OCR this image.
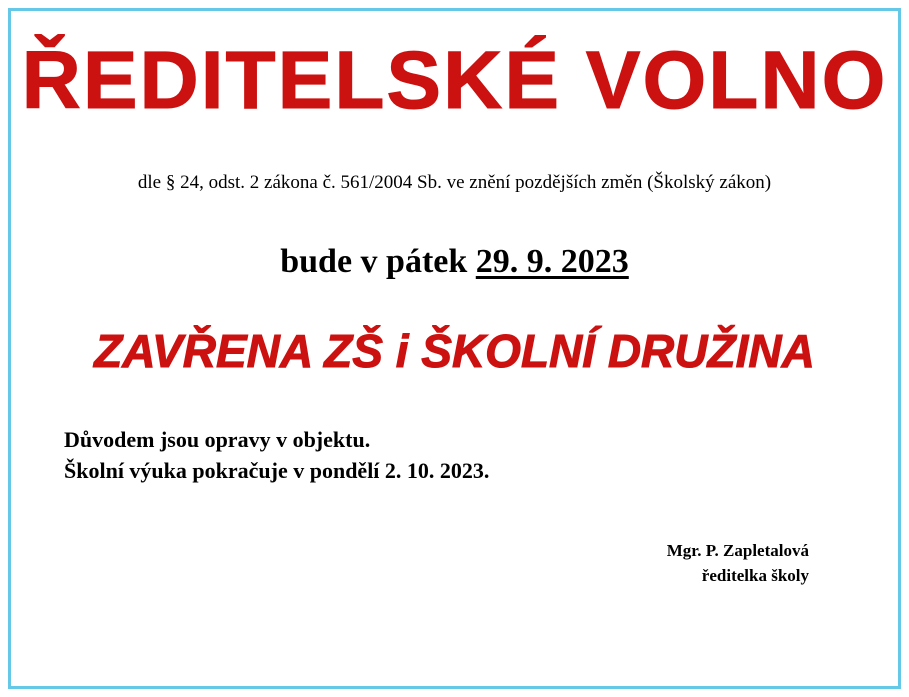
ŘEDITELSKÉ VOLNO
dle § 24, odst. 2 zákona č. 561/2004 Sb. ve znění pozdějších změn (Školský zákon)
bude v pátek 29. 9. 2023
ZAVŘENA ZŠ i ŠKOLNÍ DRUŽINA
Důvodem jsou opravy v objektu.
Školní výuka pokračuje v pondělí 2. 10. 2023.
Mgr. P. Zapletalová
ředitelka školy
